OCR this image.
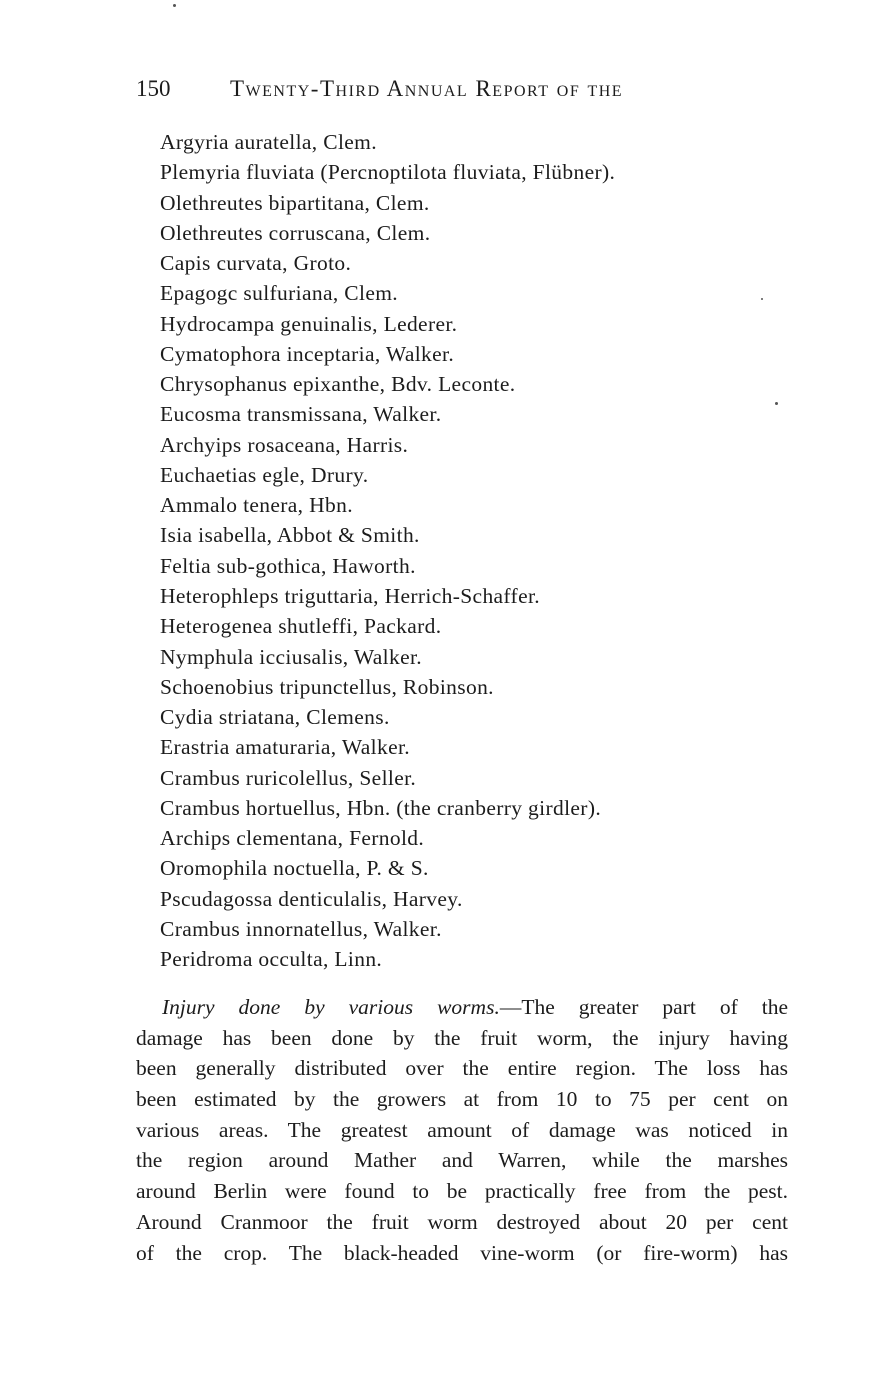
150	Twenty-Third Annual Report of the
Argyria auratella, Clem.
Plemyria fluviata (Percnoptilota fluviata, Flübner).
Olethreutes bipartitana, Clem.
Olethreutes corruscana, Clem.
Capis curvata, Groto.
Epagogc sulfuriana, Clem.
Hydrocampa genuinalis, Lederer.
Cymatophora inceptaria, Walker.
Chrysophanus epixanthe, Bdv. Leconte.
Eucosma transmissana, Walker.
Archyips rosaceana, Harris.
Euchaetias egle, Drury.
Ammalo tenera, Hbn.
Isia isabella, Abbot & Smith.
Feltia sub-gothica, Haworth.
Heterophleps triguttaria, Herrich-Schaffer.
Heterogenea shutleffi, Packard.
Nymphula icciusalis, Walker.
Schoenobius tripunctellus, Robinson.
Cydia striatana, Clemens.
Erastria amaturaria, Walker.
Crambus ruricolellus, Seller.
Crambus hortuellus, Hbn. (the cranberry girdler).
Archips clementana, Fernold.
Oromophila noctuella, P. & S.
Pscudagossa denticulalis, Harvey.
Crambus innornatellus, Walker.
Peridroma occulta, Linn.
Injury done by various worms.—The greater part of the
damage has been done by the fruit worm, the injury having
been generally distributed over the entire region. The loss has
been estimated by the growers at from 10 to 75 per cent on
various areas. The greatest amount of damage was noticed in
the region around Mather and Warren, while the marshes
around Berlin were found to be practically free from the pest.
Around Cranmoor the fruit worm destroyed about 20 per cent
of the crop. The black-headed vine-worm (or fire-worm) has
